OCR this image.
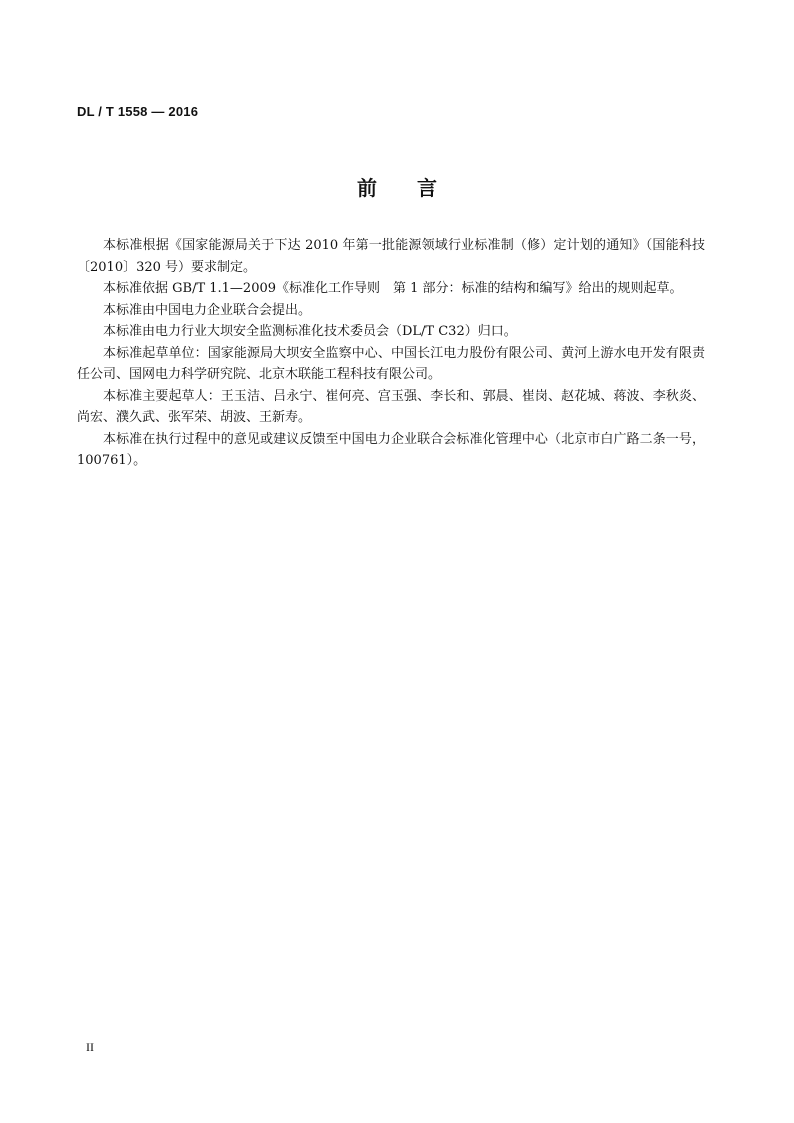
DL / T 1558 — 2016
前 言

本标准根据《国家能源局关于下达 2010 年第一批能源领域行业标准制（修）定计划的通知》（国能科技〔2010〕320 号）要求制定。

本标准依据 GB/T 1.1—2009《标准化工作导则　第 1 部分：标准的结构和编写》给出的规则起草。

本标准由中国电力企业联合会提出。

本标准由电力行业大坝安全监测标准化技术委员会（DL/T C32）归口。

本标准起草单位：国家能源局大坝安全监察中心、中国长江电力股份有限公司、黄河上游水电开发有限责任公司、国网电力科学研究院、北京木联能工程科技有限公司。

本标准主要起草人：王玉洁、吕永宁、崔何亮、宫玉强、李长和、郭晨、崔岗、赵花城、蒋波、李秋炎、尚宏、濮久武、张军荣、胡波、王新寿。

本标准在执行过程中的意见或建议反馈至中国电力企业联合会标准化管理中心（北京市白广路二条一号，100761）。

II
